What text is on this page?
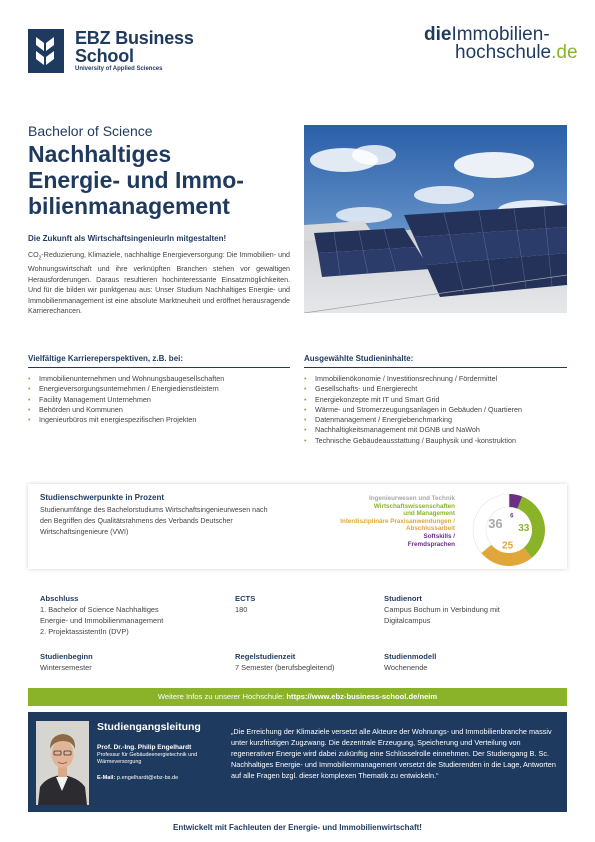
EBZ Business
School
University of Applied Sciences
dieImmobilien-
hochschule.de
Bachelor of Science
Nachhaltiges
Energie- und Immo-
bilienmanagement
Die Zukunft als WirtschaftsingenieurIn mitgestalten!
$CO_2$-Reduzierung, Klimaziele, nachhaltige Energieversorgung: Die Immobilien- und Wohnungswirtschaft und ihre verknüpften Branchen stehen vor gewaltigen Herausforderungen. Daraus resultieren hochinteressante Einsatzmöglichkeiten. Und für die bilden wir punktgenau aus: Unser Studium Nachhaltiges Energie- und Immobilienmanagement ist eine absolute Marktneuheit und eröffnet herausragende Karrierechancen.
Vielfältige Karriereperspektiven, z.B. bei:
• Immobilienunternehmen und Wohnungsbaugesellschaften
• Energieversorgungsunternehmen / Energiedienstleistern
• Facility Management Unternehmen
• Behörden und Kommunen
• Ingenieurbüros mit energiespezifischen Projekten
Ausgewählte Studieninhalte:
• Immobilienökonomie / Investitionsrechnung / Fördermittel
• Gesellschafts- und Energierecht
• Energiekonzepte mit IT und Smart Grid
• Wärme- und Stromerzeugungsanlagen in Gebäuden / Quartieren
• Datenmanagement / Energiebenchmarking
• Nachhaltigkeitsmanagement mit DGNB und NaWoh
• Technische Gebäudeausstattung / Bauphysik und -konstruktion
Studienschwerpunkte in Prozent
Studienumfänge des Bachelorstudiums Wirtschaftsingenieurwesen nach den Begriffen des Qualitätsrahmens des Verbands Deutscher Wirtschaftsingenieure (VWI)
Ingenieurwesen und Technik
Wirtschaftswissenschaften
und Management
Interdisziplinäre Praxisanwendungen /
Abschlussarbeit
Softskills /
Fremdsprachen
6
33
25
36
Abschluss
1. Bachelor of Science Nachhaltiges
Energie- und Immobilienmanagement
2. ProjektassistentIn (DVP)
ECTS
180
Studienort
Campus Bochum in Verbindung mit
Digitalcampus
Studienbeginn
Wintersemester
Regelstudienzeit
7 Semester (berufsbegleitend)
Studienmodell
Wochenende
Weitere Infos zu unserer Hochschule: https://www.ebz-business-school.de/neim
Studiengangsleitung
Prof. Dr.-Ing. Philip Engelhardt
Professur für Gebäudeenergietechnik und Wärmeversorgung
E-Mail: p.engelhardt@ebz-bs.de
„Die Erreichung der Klimaziele versetzt alle Akteure der Wohnungs- und Immobilienbranche massiv unter kurzfristigen Zugzwang. Die dezentrale Erzeugung, Speicherung und Verteilung von regenerativer Energie wird dabei zukünftig eine Schlüsselrolle einnehmen. Der Studiengang B. Sc. Nachhaltiges Energie- und Immobilienmanagement versetzt die Studierenden in die Lage, Antworten auf alle Fragen bzgl. dieser komplexen Thematik zu entwickeln.“
Entwickelt mit Fachleuten der Energie- und Immobilienwirtschaft!
